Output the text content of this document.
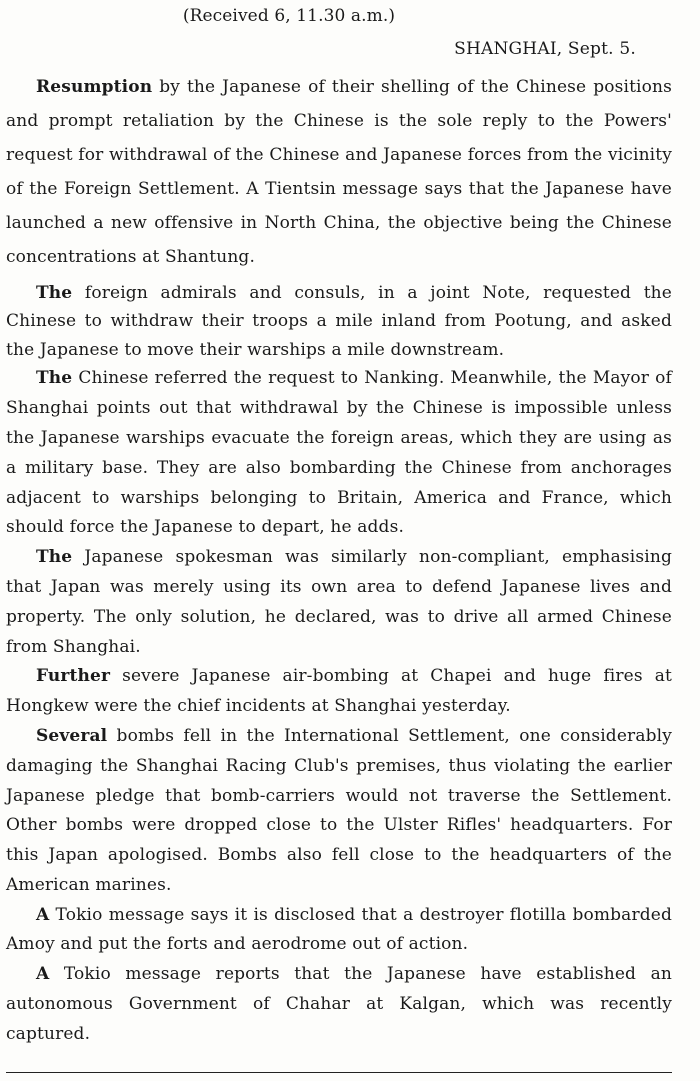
(Received 6, 11.30 a.m.)
SHANGHAI, Sept. 5.

Resumption by the Japanese of their shelling of the Chinese positions and prompt retaliation by the Chinese is the sole reply to the Powers' request for withdrawal of the Chinese and Japanese forces from the vicinity of the Foreign Settlement. A Tientsin message says that the Japanese have launched a new offensive in North China, the objective being the Chinese concentrations at Shantung.

The foreign admirals and consuls, in a joint Note, requested the Chinese to withdraw their troops a mile inland from Pootung, and asked the Japanese to move their warships a mile downstream.

The Chinese referred the request to Nanking. Meanwhile, the Mayor of Shanghai points out that withdrawal by the Chinese is impossible unless the Japanese warships evacuate the foreign areas, which they are using as a military base. They are also bombarding the Chinese from anchorages adjacent to warships belonging to Britain, America and France, which should force the Japanese to depart, he adds.

The Japanese spokesman was similarly non-compliant, emphasising that Japan was merely using its own area to defend Japanese lives and property. The only solution, he declared, was to drive all armed Chinese from Shanghai.

Further severe Japanese air-bombing at Chapei and huge fires at Hongkew were the chief incidents at Shanghai yesterday.

Several bombs fell in the International Settlement, one considerably damaging the Shanghai Racing Club's premises, thus violating the earlier Japanese pledge that bomb-carriers would not traverse the Settlement. Other bombs were dropped close to the Ulster Rifles' headquarters. For this Japan apologised. Bombs also fell close to the headquarters of the American marines.

A Tokio message says it is disclosed that a destroyer flotilla bombarded Amoy and put the forts and aerodrome out of action.

A Tokio message reports that the Japanese have established an autonomous Government of Chahar at Kalgan, which was recently captured.
